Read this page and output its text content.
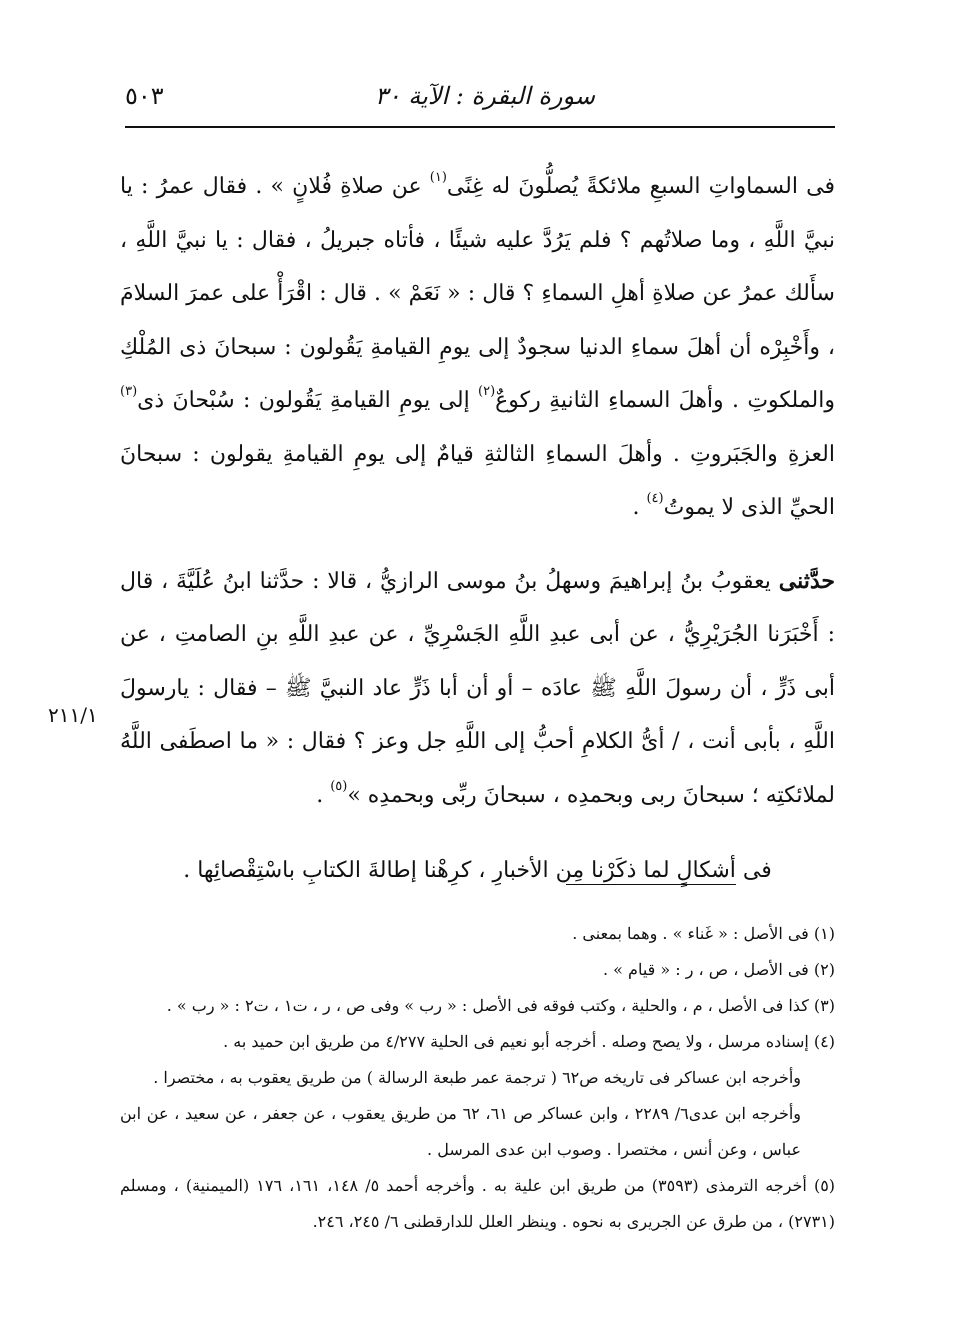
سورة البقرة : الآية ٣٠
٥٠٣

فى السماواتِ السبعِ ملائكةً يُصلُّونَ له غِنًى$^{(١)}$ عن صلاةِ فُلانٍ » . فقال عمرُ : يا نبيَّ اللَّهِ ، وما صلاتُهم ؟ فلم يَرُدَّ عليه شيئًا ، فأتاه جبريلُ ، فقال : يا نبيَّ اللَّهِ ، سأَلك عمرُ عن صلاةِ أهلِ السماءِ ؟ قال : « نَعَمْ » . قال : اقْرَأْ على عمرَ السلامَ ، وأَخْبِرْه أن أهلَ سماءِ الدنيا سجودٌ إلى يومِ القيامةِ يَقُولون : سبحانَ ذى المُلْكِ والملكوتِ . وأهلَ السماءِ الثانيةِ ركوعٌ$^{(٢)}$ إلى يومِ القيامةِ يَقُولون : سُبْحانَ ذى$^{(٣)}$ العزةِ والجَبَروتِ . وأهلَ السماءِ الثالثةِ قيامٌ إلى يومِ القيامةِ يقولون : سبحانَ الحيِّ الذى لا يموتُ$^{(٤)}$ .

حدَّثنى يعقوبُ بنُ إبراهيمَ وسهلُ بنُ موسى الرازيُّ ، قالا : حدَّثنا ابنُ عُلَيَّةَ ، قال : أَخْبَرَنا الجُرَيْرِيُّ ، عن أبى عبدِ اللَّهِ الجَسْرِيِّ ، عن عبدِ اللَّهِ بنِ الصامتِ ، عن أبى ذَرٍّ ، أن رسولَ اللَّهِ ﷺ عادَه – أو أن أبا ذَرٍّ عاد النبيَّ ﷺ – فقال : يارسولَ اللَّهِ ، بأبى أنت ، / أىُّ الكلامِ أحبُّ إلى اللَّهِ جل وعز ؟ فقال : « ما اصطَفى اللَّهُ لملائكتِه ؛ سبحانَ ربى وبحمدِه ، سبحانَ ربِّى وبحمدِه »$^{(٥)}$ .

فى أشكالٍ لما ذكَرْنا مِن الأخبارِ ، كرِهْنا إطالةَ الكتابِ باسْتِقْصائِها .

٢١١/١

(١) فى الأصل : « غَناء » . وهما بمعنى .

(٢) فى الأصل ، ص ، ر : « قيام » .

(٣) كذا فى الأصل ، م ، والحلية ، وكتب فوقه فى الأصل : « رب » وفى ص ، ر ، ت١ ، ت٢ : « رب » .

(٤) إسناده مرسل ، ولا يصح وصله . أخرجه أبو نعيم فى الحلية ٤/٢٧٧ من طريق ابن حميد به .

وأخرجه ابن عساكر فى تاريخه ص٦٢ ( ترجمة عمر طبعة الرسالة ) من طريق يعقوب به ، مختصرا .

وأخرجه ابن عدى٦/ ٢٢٨٩ ، وابن عساكر ص ٦١، ٦٢ من طريق يعقوب ، عن جعفر ، عن سعيد ، عن ابن عباس ، وعن أنس ، مختصرا . وصوب ابن عدى المرسل .

(٥) أخرجه الترمذى (٣٥٩٣) من طريق ابن علية به . وأخرجه أحمد ٥/ ١٤٨، ١٦١، ١٧٦ (الميمنية) ، ومسلم (٢٧٣١) ، من طرق عن الجريرى به نحوه . وينظر العلل للدارقطنى ٦/ ٢٤٥، ٢٤٦.
